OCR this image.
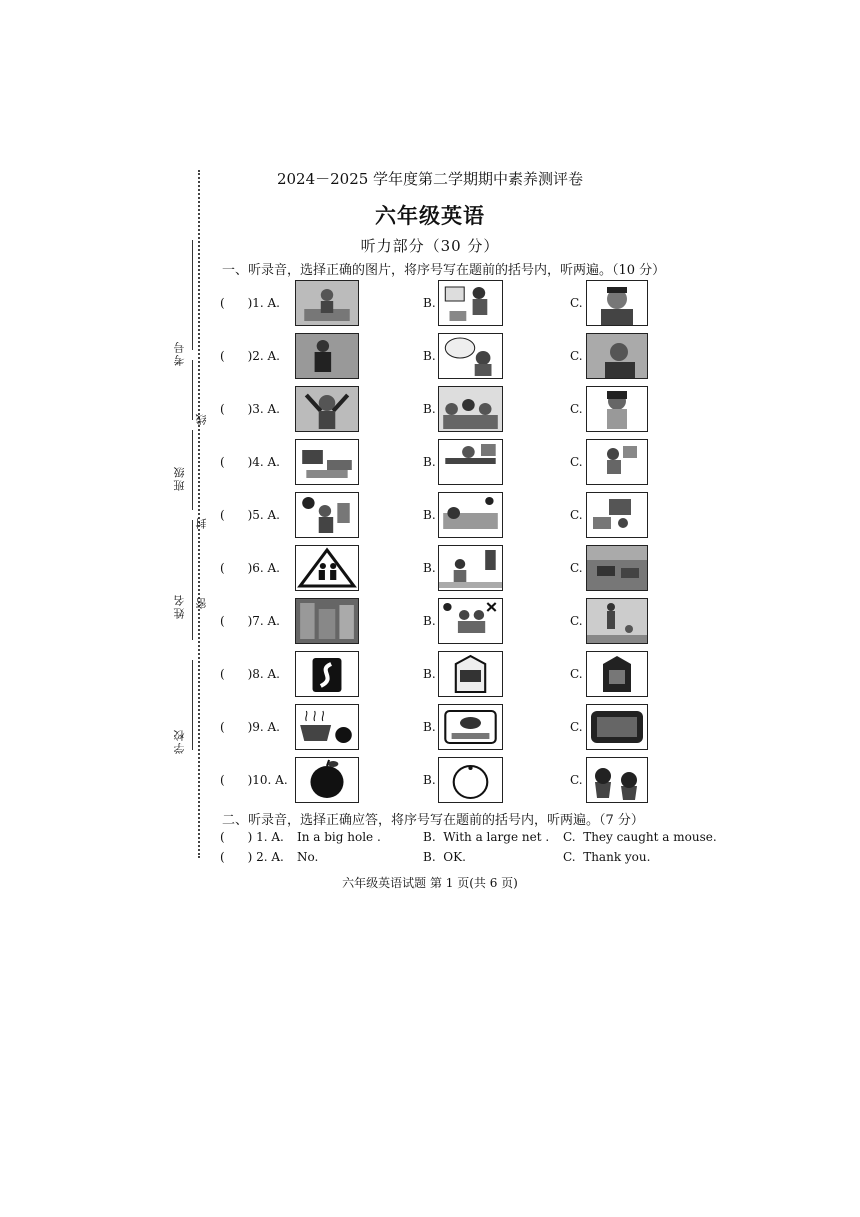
考号
线
班级
封
姓名 密
学校
2024－2025 学年度第二学期期中素养测评卷
六年级英语
听力部分（30 分）
一、听录音，选择正确的图片，将序号写在题前的括号内，听两遍。（10 分）
(      )1. A.	B.	C.
(      )2. A.	B.	C.
(      )3. A.	B.	C.
(      )4. A.	B.	C.
(      )5. A.	B.	C.
(      )6. A.	B.	C.
(      )7. A.	B.	C.
(      )8. A.	B.	C.
(      )9. A.	B.	C.
(      )10. A.	B.	C.
二、听录音，选择正确应答，将序号写在题前的括号内，听两遍。（7 分）
(      ) 1. A. In a big hole .	B.  With a large net . C.  They caught a mouse.
(      ) 2. A. No.	B.  OK.	C.  Thank you.
六年级英语试题 第 1 页(共 6 页)
